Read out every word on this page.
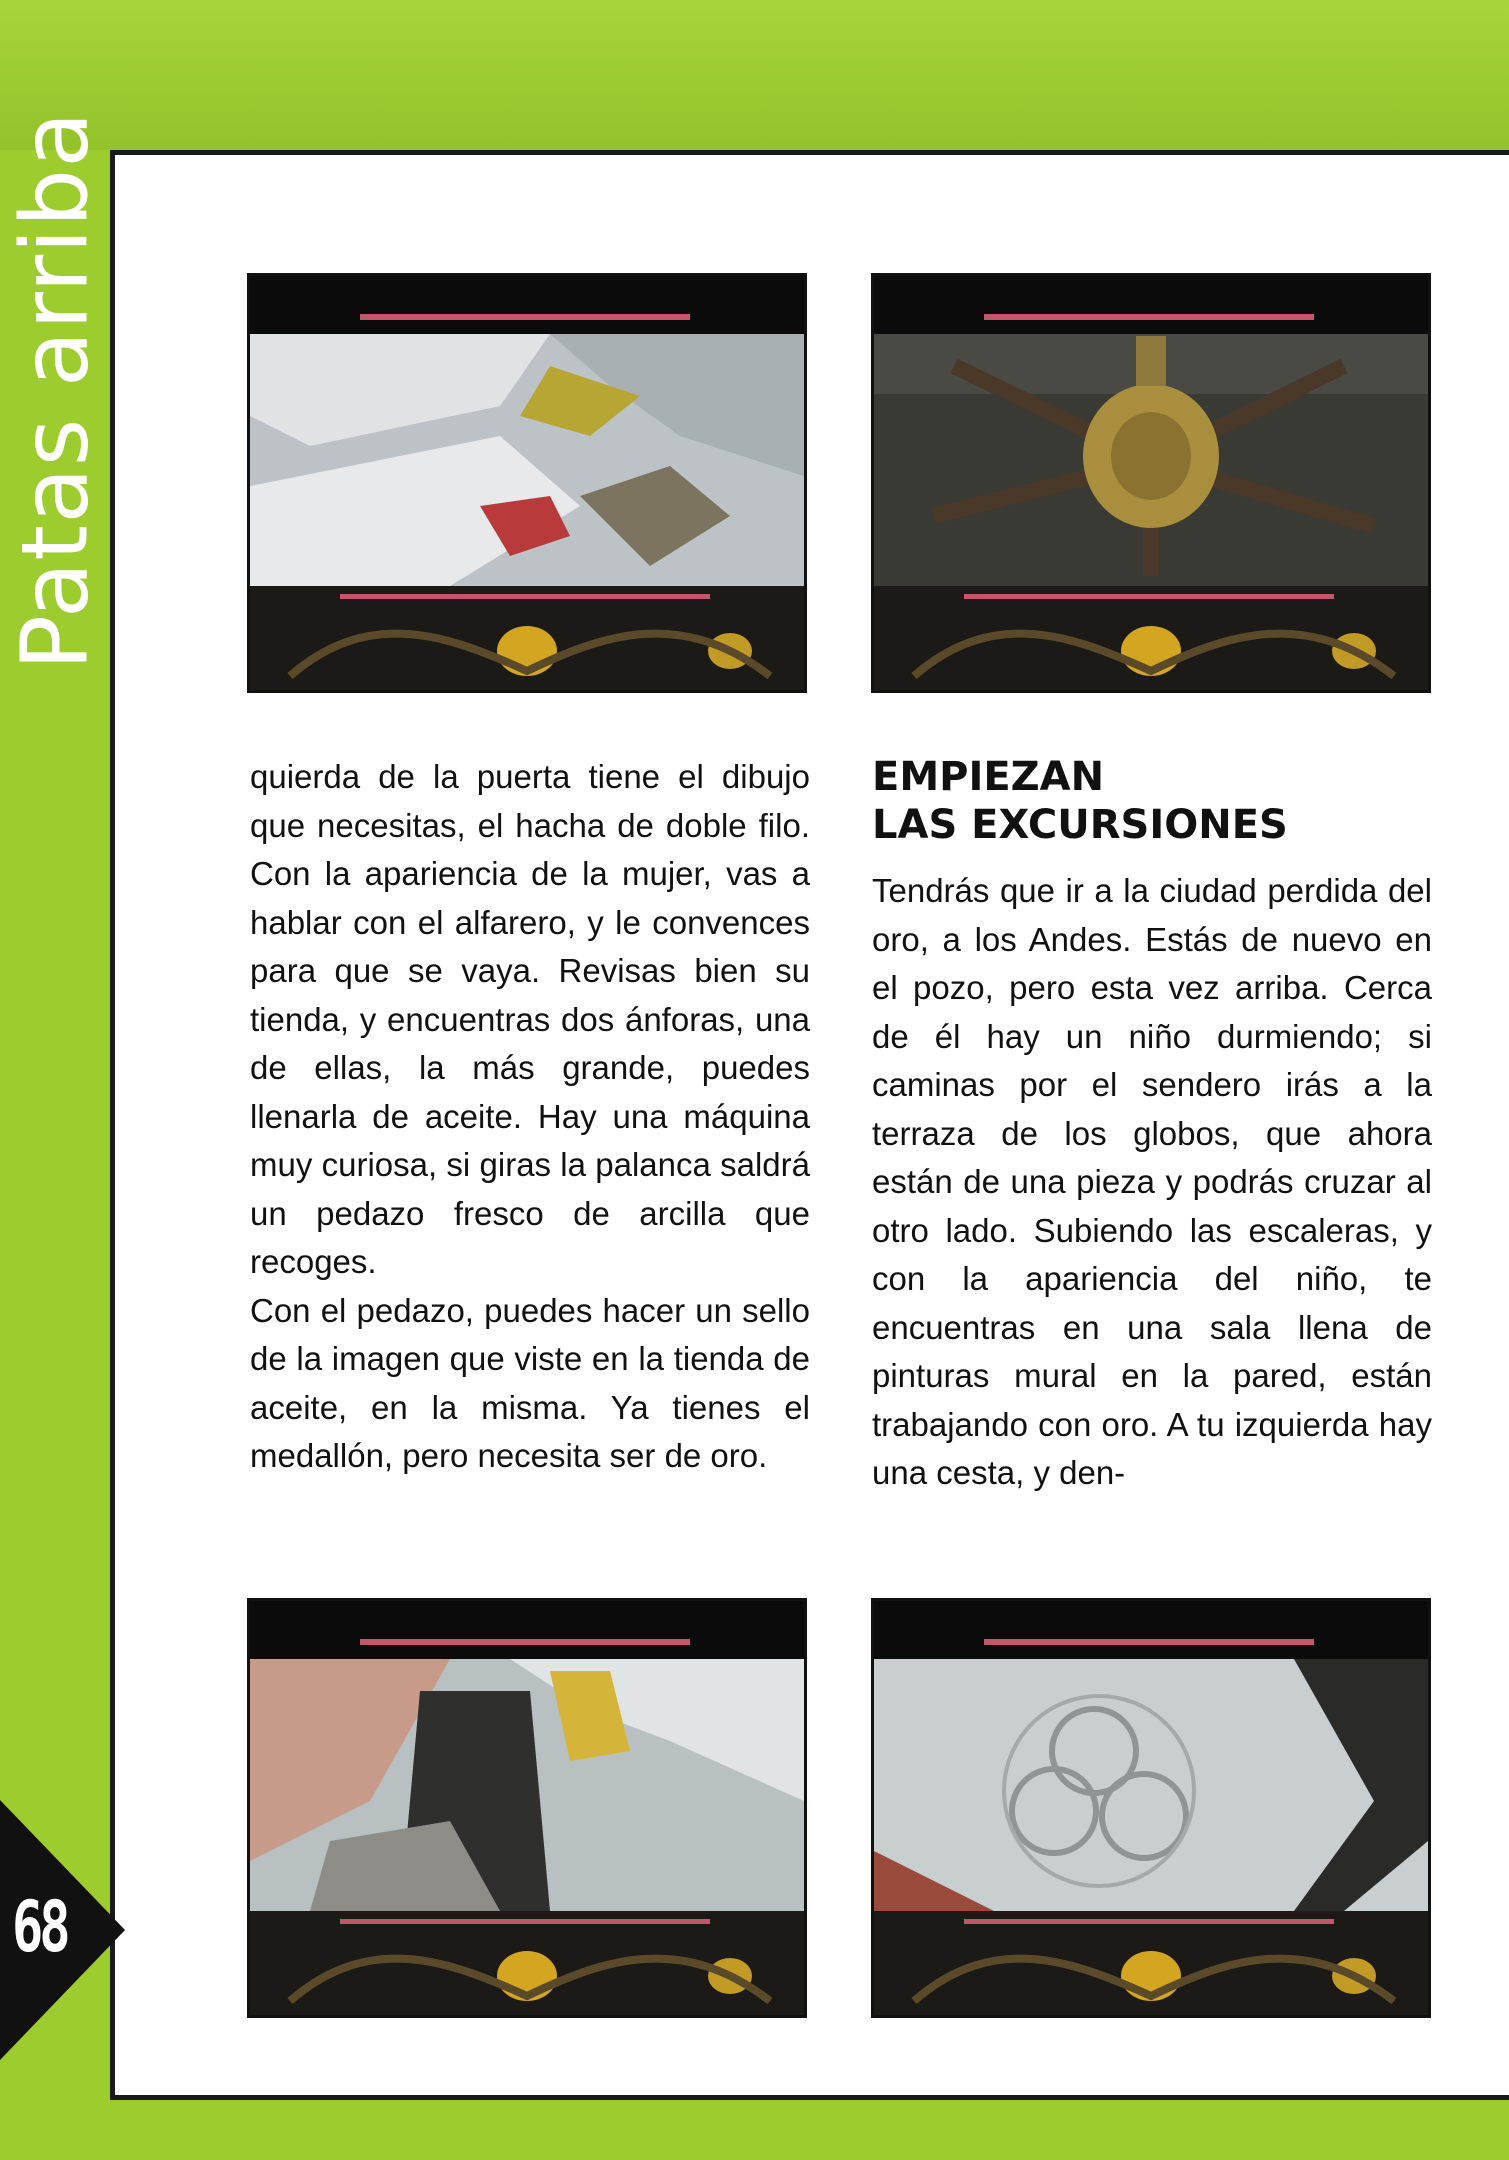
Patas arriba
68

quierda de la puerta tiene el dibujo que necesitas, el hacha de doble filo. Con la apariencia de la mujer, vas a hablar con el alfarero, y le convences para que se vaya. Revisas bien su tienda, y encuentras dos ánforas, una de ellas, la más grande, puedes llenarla de aceite. Hay una máquina muy curiosa, si giras la palanca saldrá un pedazo fresco de arcilla que recoges.

Con el pedazo, puedes hacer un sello de la imagen que viste en la tienda de aceite, en la misma. Ya tienes el medallón, pero necesita ser de oro.

EMPIEZAN
LAS EXCURSIONES

Tendrás que ir a la ciudad perdida del oro, a los Andes. Estás de nuevo en el pozo, pero esta vez arriba. Cerca de él hay un niño durmiendo; si caminas por el sendero irás a la terraza de los globos, que ahora están de una pieza y podrás cruzar al otro lado. Subiendo las escaleras, y con la apariencia del niño, te encuentras en una sala llena de pinturas mural en la pared, están trabajando con oro. A tu izquierda hay una cesta, y den-
